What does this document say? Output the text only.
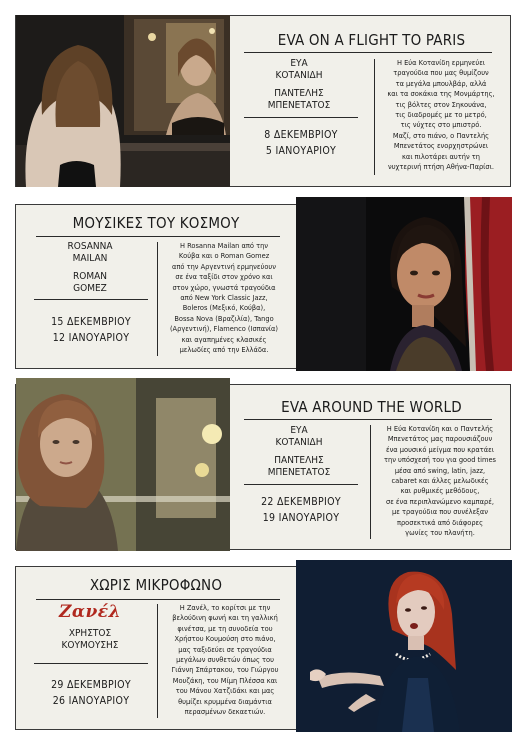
EVA ON A FLIGHT TO PARIS
ΕΥΑ
ΚΟΤΑΝΙΔΗ
ΠΑΝΤΕΛΗΣ
ΜΠΕΝΕΤΑΤΟΣ
8 ΔΕΚΕΜΒΡΙΟΥ
5 ΙΑΝΟΥΑΡΙΟΥ
Η Εύα Κοτανίδη ερμηνεύει
τραγούδια που μας θυμίζουν
τα μεγάλα μπουλβάρ, αλλά
και τα σοκάκια της Μονμάρτης,
τις βόλτες στον Σηκουάνα,
τις διαδρομές με το μετρό,
τις νύχτες στο μπιστρό.
Μαζί, στο πιάνο, ο Παντελής
Μπενετάτος ενορχηστρώνει
και πιλοτάρει αυτήν τη
νυχτερινή πτήση Αθήνα-Παρίσι.
ΜΟΥΣΙΚΕΣ ΤΟΥ ΚΟΣΜΟΥ
ROSANNA
MAILAN
ROMAN
GOMEZ
15 ΔΕΚΕΜΒΡΙΟΥ
12 ΙΑΝΟΥΑΡΙΟΥ
Η Rosanna Mailan από την
Κούβα και ο Roman Gomez
από την Αργεντινή ερμηνεύουν
σε ένα ταξίδι στον χρόνο και
στον χώρο, γνωστά τραγούδια
από New York Classic Jazz,
Boleros (Μεξικό, Κούβα),
Bossa Nova (Βραζιλία), Tango
(Αργεντινή), Flamenco (Ισπανία)
και αγαπημένες κλασικές
μελωδίες από την Ελλάδα.
EVA AROUND THE WORLD
ΕΥΑ
ΚΟΤΑΝΙΔΗ
ΠΑΝΤΕΛΗΣ
ΜΠΕΝΕΤΑΤΟΣ
22 ΔΕΚΕΜΒΡΙΟΥ
19 ΙΑΝΟΥΑΡΙΟΥ
Η Εύα Κοτανίδη και ο Παντελής
Μπενετάτος μας παρουσιάζουν
ένα μουσικό μείγμα που κρατάει
την υπόσχεσή του για good times
μέσα από swing, latin, jazz,
cabaret και άλλες μελωδικές
και ρυθμικές μεθόδους,
σε ένα περιπλανώμενο καμπαρέ,
με τραγούδια που συνέλεξαν
προσεκτικά από διάφορες
γωνίες του πλανήτη.
ΧΩΡΙΣ ΜΙΚΡΟΦΩΝΟ
Ζανέλ
ΧΡΗΣΤΟΣ
ΚΟΥΜΟΥΣΗΣ
29 ΔΕΚΕΜΒΡΙΟΥ
26 ΙΑΝΟΥΑΡΙΟΥ
Η Ζανέλ, το κορίτσι με την
βελούδινη φωνή και τη γαλλική
φινέτσα, με τη συνοδεία του
Χρήστου Κουμούση στο πιάνο,
μας ταξιδεύει σε τραγούδια
μεγάλων συνθετών όπως του
Γιάννη Σπάρτακου, του Γιώργου
Μουζάκη, του Μίμη Πλέσσα και
του Μάνου Χατζιδάκι και μας
θυμίζει κρυμμένα διαμάντια
περασμένων δεκαετιών.
